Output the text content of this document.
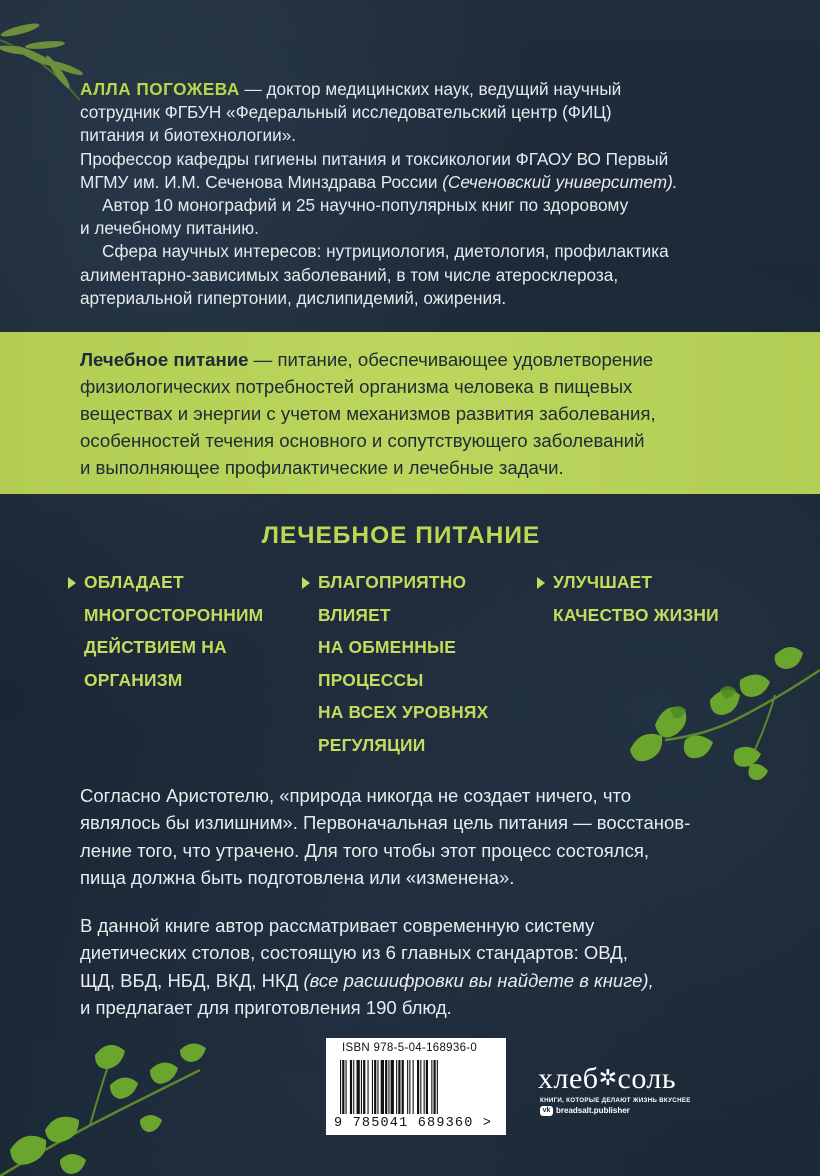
АЛЛА ПОГОЖЕВА — доктор медицинских наук, ведущий научный

сотрудник ФГБУН «Федеральный исследовательский центр (ФИЦ)

питания и биотехнологии».

Профессор кафедры гигиены питания и токсикологии ФГАОУ ВО Первый

МГМУ им. И.М. Сеченова Минздрава России (Сеченовский университет).

Автор 10 монографий и 25 научно-популярных книг по здоровому

и лечебному питанию.

Сфера научных интересов: нутрициология, диетология, профилактика

алиментарно-зависимых заболеваний, в том числе атеросклероза,

артериальной гипертонии, дислипидемий, ожирения.

Лечебное питание — питание, обеспечивающее удовлетворение

физиологических потребностей организма человека в пищевых

веществах и энергии с учетом механизмов развития заболевания,

особенностей течения основного и сопутствующего заболеваний

и выполняющее профилактические и лечебные задачи.

ЛЕЧЕБНОЕ ПИТАНИЕ
ОБЛАДАЕТ
МНОГОСТОРОННИМ
ДЕЙСТВИЕМ НА
ОРГАНИЗМ
БЛАГОПРИЯТНО
ВЛИЯЕТ
НА ОБМЕННЫЕ
ПРОЦЕССЫ
НА ВСЕХ УРОВНЯХ
РЕГУЛЯЦИИ
УЛУЧШАЕТ
КАЧЕСТВО ЖИЗНИ

Согласно Аристотелю, «природа никогда не создает ничего, что

являлось бы излишним». Первоначальная цель питания — восстанов-

ление того, что утрачено. Для того чтобы этот процесс состоялся,

пища должна быть подготовлена или «изменена».

В данной книге автор рассматривает современную систему

диетических столов, состоящую из 6 главных стандартов: ОВД,

ЩД, ВБД, НБД, ВКД, НКД (все расшифровки вы найдете в книге),

и предлагает для приготовления 190 блюд.

ISBN 978-5-04-168936-0
9 785041 689360 >
хлеб✲соль
КНИГИ, КОТОРЫЕ ДЕЛАЮТ ЖИЗНЬ ВКУСНЕЕ
vk breadsalt.publisher
